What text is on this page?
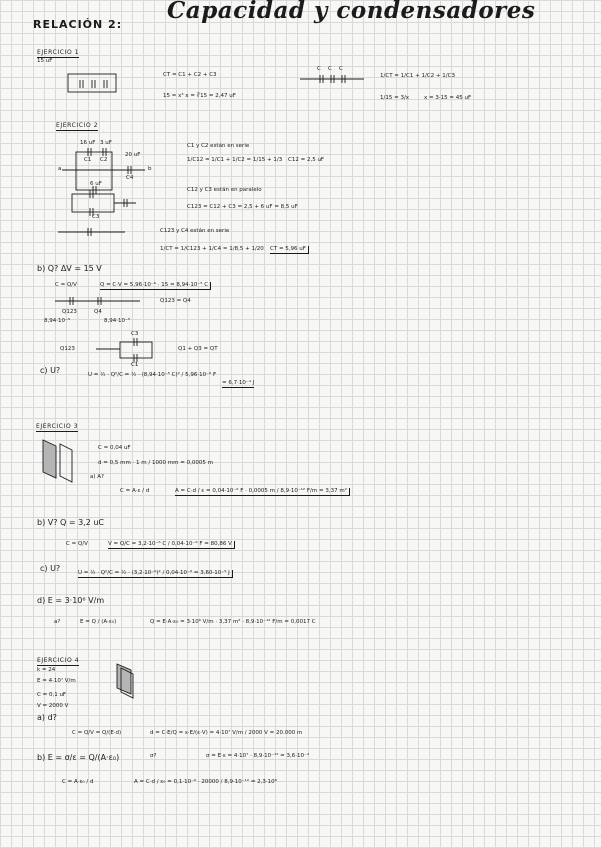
RELACIÓN 2:
Capacidad y condensadores
EJERCICIO 1
15 uF
CT = C1 + C2 + C3
15 = x³ x = ∛15 = 2,47 uF
C C C
1/CT = 1/C1 + 1/C2 + 1/C3
1/15 = 3/x	x = 3·15 = 45 uF
EJERCICIO 2
16 uF 3 uF
20 uF
C1 C2
C4
a	b
6 uF
C3
C1 y C2 están en serie
1/C12 = 1/C1 + 1/C2 = 1/15 + 1/3 C12 = 2,5 uF
C12 y C3 están en paralelo
C123 = C12 + C3 = 2,5 + 6 uF = 8,5 uF
C123 y C4 están en serie
1/CT = 1/C123 + 1/C4 = 1/8,5 + 1/20 CT = 5,96 uF
b) Q? ΔV = 15 V
C = Q/V	Q = C·V = 5,96·10⁻⁶ · 15 = 8,94·10⁻⁵ C
Q123 = Q4
Q123	Q4
8,94·10⁻⁵	8,94·10⁻⁵
Q123
C3
C1
Q1 + Q3 = QT
c) U?	U = ½ · Q²/C = ½ · (8,94·10⁻⁵ C)² / 5,96·10⁻⁶ F
= 6,7·10⁻⁴ J
EJERCICIO 3
C = 0,04 uF
d = 0,5 mm · 1 m / 1000 mm = 0,0005 m
a) A?
C = A·ε / d	A = C·d / ε = 0,04·10⁻⁶ F · 0,0005 m / 8,9·10⁻¹² F/m = 3,37 m²
b) V? Q = 3,2 uC
C = Q/V	V = Q/C = 3,2·10⁻⁶ C / 0,04·10⁻⁶ F = 80,86 V
c) U?	U = ½ · Q²/C = ½ · (3,2·10⁻⁶)² / 0,04·10⁻⁶ = 3,60·10⁻⁵ J
d) E = 3·10⁶ V/m
a?	E = Q / (A·ε₀)	Q = E·A·ε₀ = 3·10⁶ V/m · 3,37 m² · 8,9·10⁻¹² F/m = 0,0017 C
EJERCICIO 4
k = 24
E = 4·10⁷ V/m
C = 0,1 uF
V = 2000 V
a) d?
C = Q/V = Q/(E·d)	d = C·E/Q = ε·E/(ε·V) = 4·10⁷ V/m / 2000 V = 20.000 m
b) E = σ/ε = Q/(A·ε₀)	σ?	σ = E·ε = 4·10⁷ · 8,9·10⁻¹² = 3,6·10⁻⁴
C = A·ε₀ / d	A = C·d / ε₀ = 0,1·10⁻⁶ · 20000 / 8,9·10⁻¹² = 2,3·10⁸
